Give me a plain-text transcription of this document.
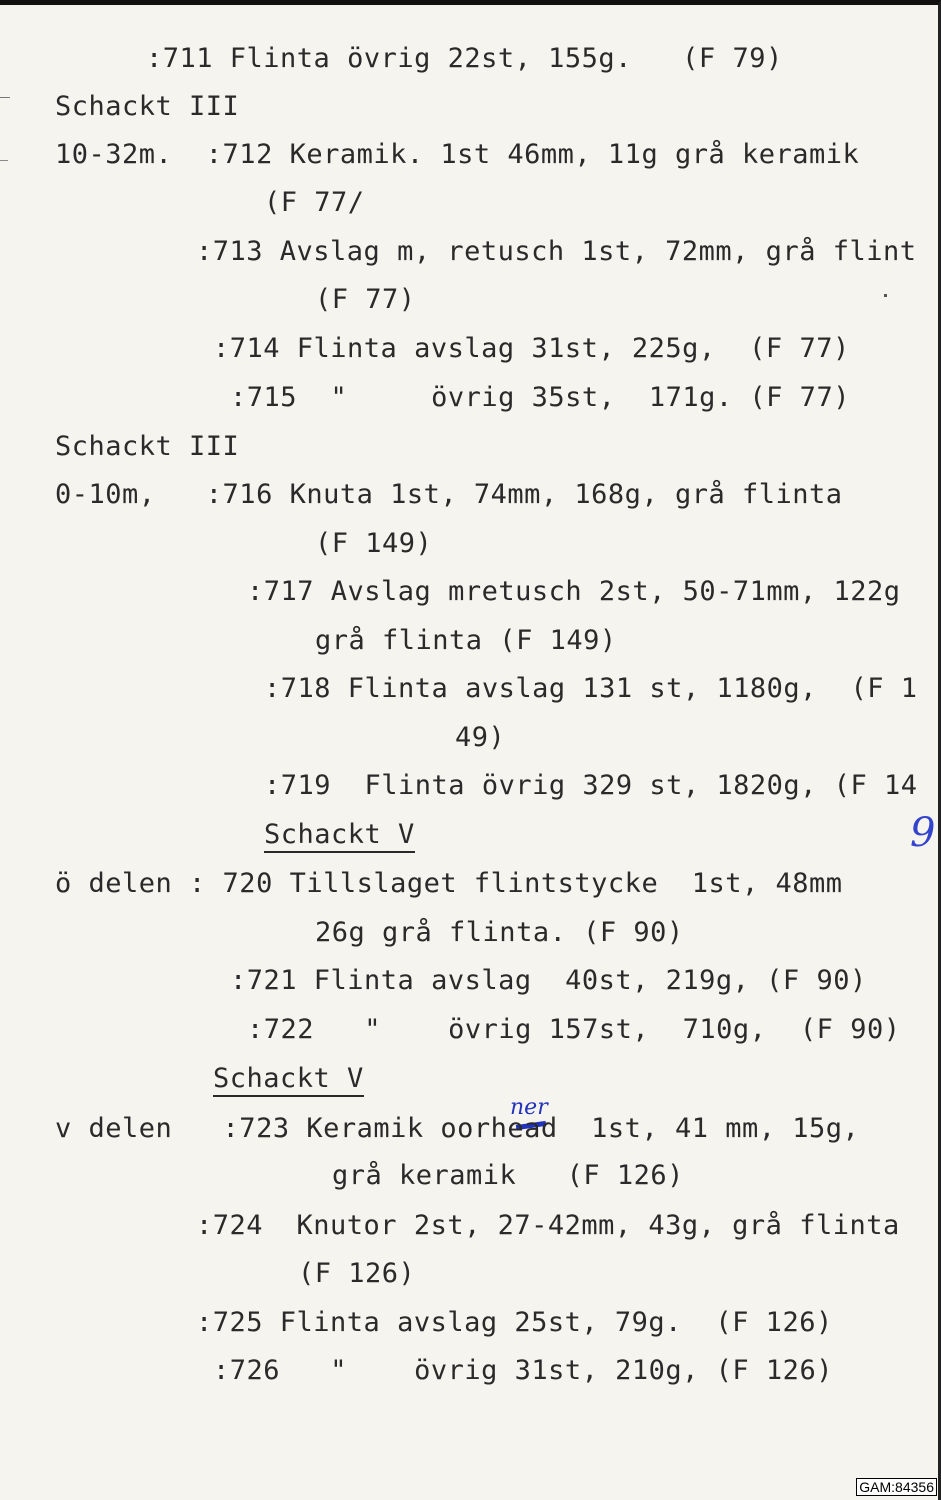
:711 Flinta övrig 22st, 155g.   (F 79)
Schackt III
10-32m.  :712 Keramik. 1st 46mm, 11g grå keramik
(F 77/
:713 Avslag m, retusch 1st, 72mm, grå flint
(F 77)
:714 Flinta avslag 31st, 225g,  (F 77)
:715  "     övrig 35st,  171g. (F 77)
Schackt III
0-10m,   :716 Knuta 1st, 74mm, 168g, grå flinta
(F 149)
:717 Avslag mretusch 2st, 50-71mm, 122g
grå flinta (F 149)
:718 Flinta avslag 131 st, 1180g,  (F 1
49)
:719  Flinta övrig 329 st, 1820g, (F 14
Schackt V	9
ö delen : 720 Tillslaget flintstycke  1st, 48mm
26g grå flinta. (F 90)
:721 Flinta avslag  40st, 219g, (F 90)
:722   "    övrig 157st,  710g,  (F 90)
Schackt V
ner
v delen   :723 Keramik oorhead  1st, 41 mm, 15g,
grå keramik   (F 126)
:724  Knutor 2st, 27-42mm, 43g, grå flinta
(F 126)
:725 Flinta avslag 25st, 79g.  (F 126)
:726   "    övrig 31st, 210g, (F 126)
GAM:84356
